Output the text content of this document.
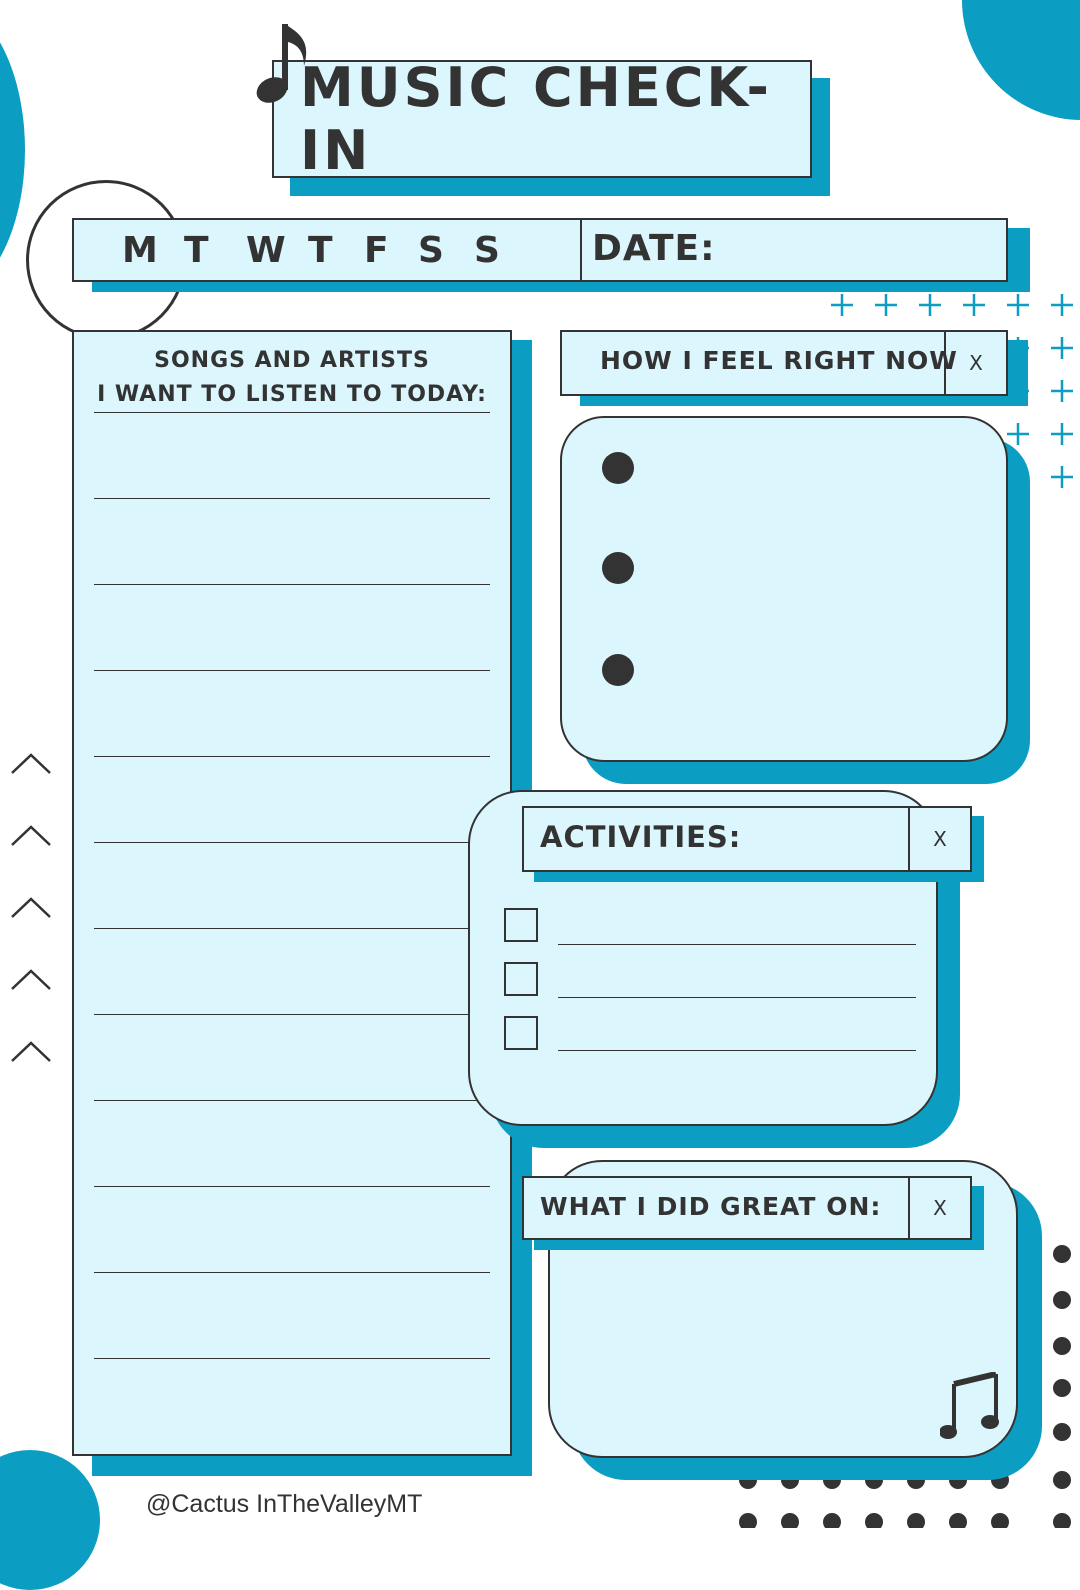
MUSIC CHECK-IN
M T	W T F S S	DATE:
SONGS AND ARTISTS
I WANT TO LISTEN TO TODAY:
HOW I FEEL RIGHT NOW X
ACTIVITIES:	X
WHAT I DID GREAT ON:	X
@Cactus InTheValleyMT
